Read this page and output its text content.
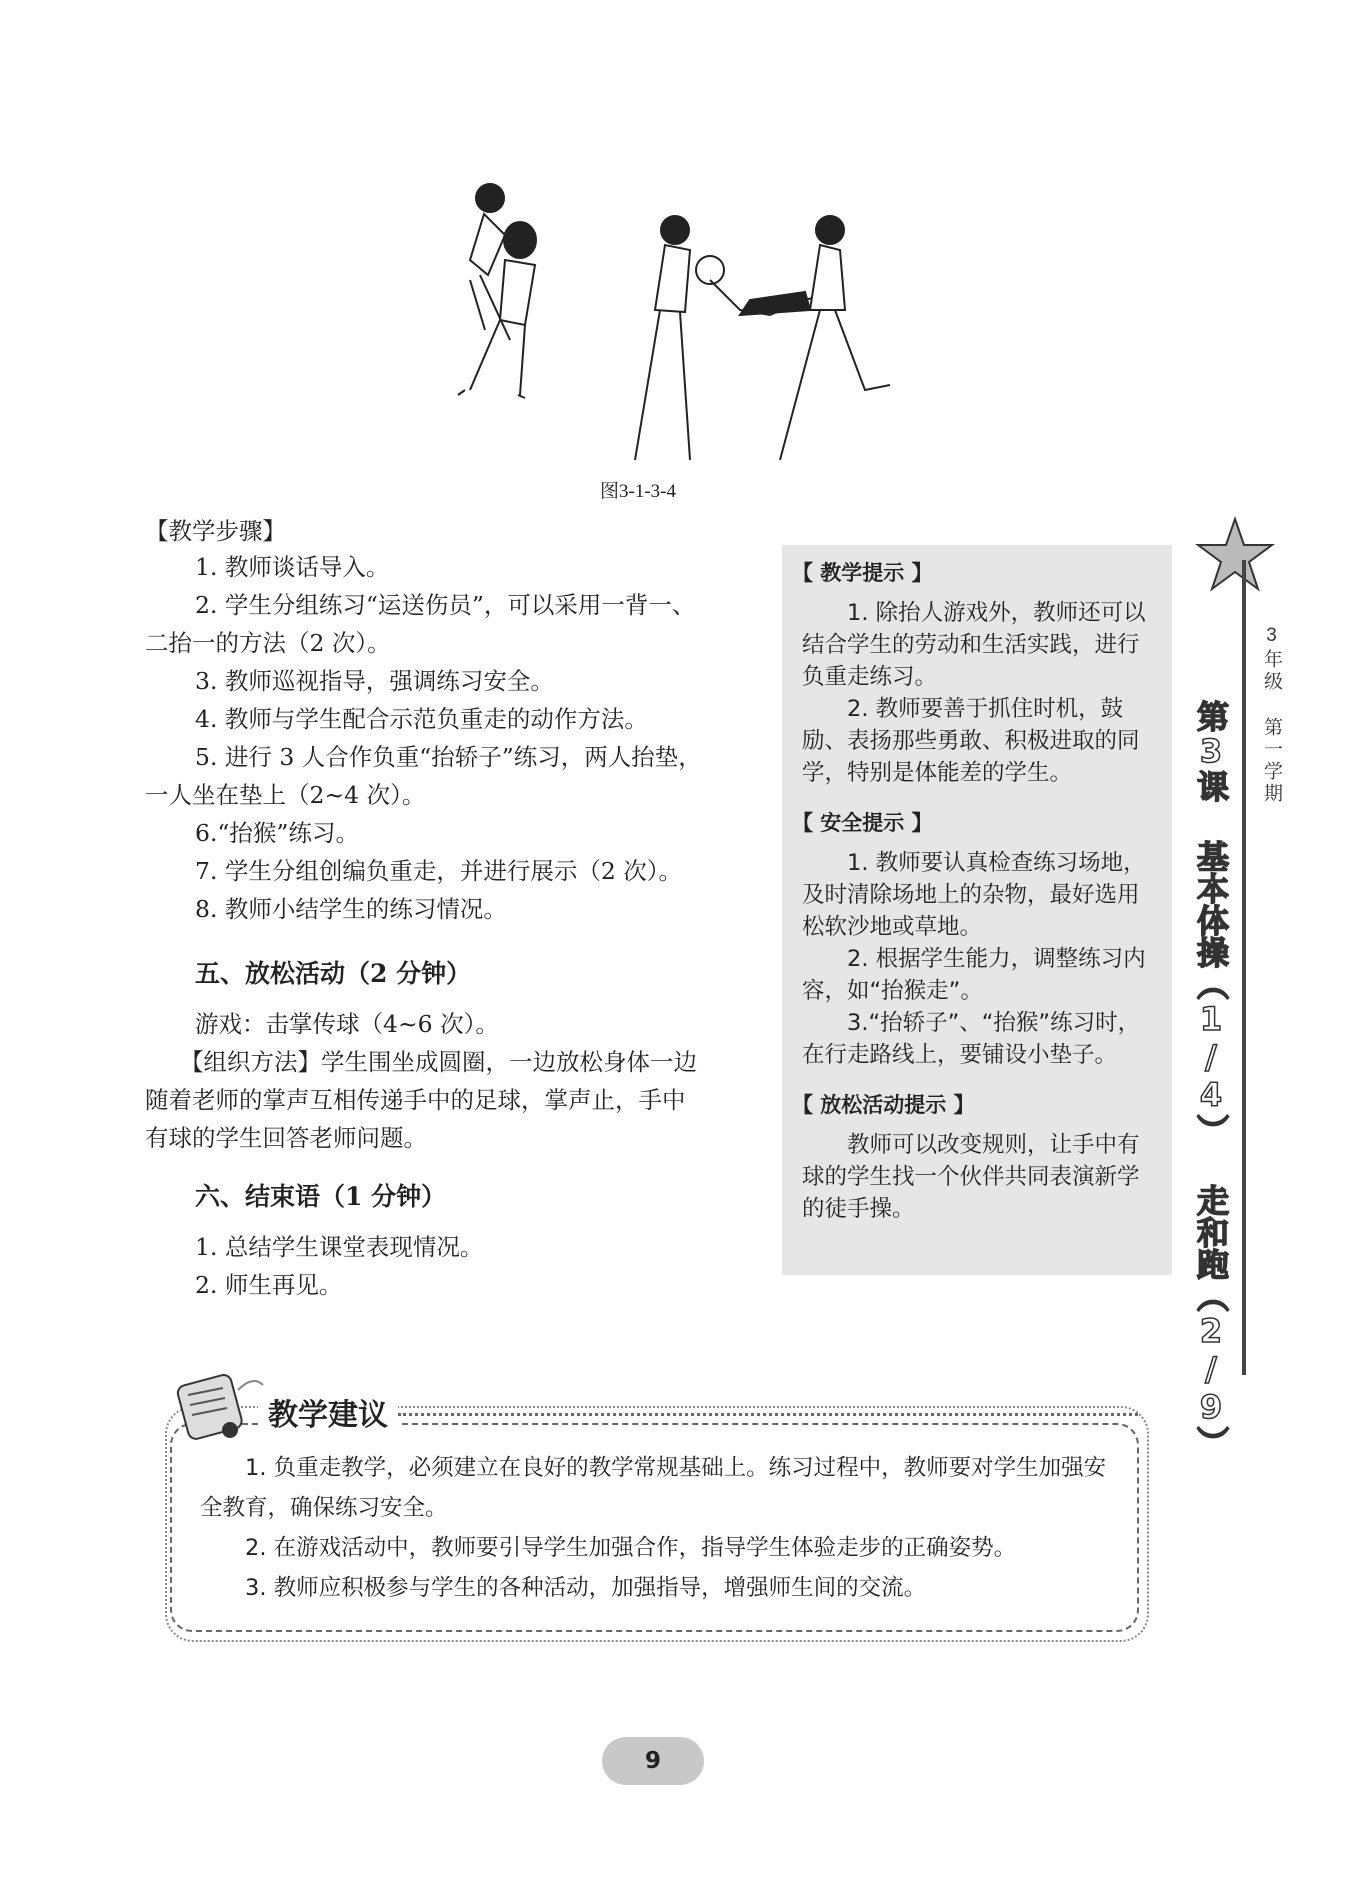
图3-1-3-4
【教学步骤】

1. 教师谈话导入。

2. 学生分组练习“运送伤员”，可以采用一背一、

二抬一的方法（2 次）。

3. 教师巡视指导，强调练习安全。

4. 教师与学生配合示范负重走的动作方法。

5. 进行 3 人合作负重“抬轿子”练习，两人抬垫，

一人坐在垫上（2~4 次）。

6.“抬猴”练习。

7. 学生分组创编负重走，并进行展示（2 次）。

8. 教师小结学生的练习情况。

五、放松活动（2 分钟）

游戏：击掌传球（4~6 次）。

【组织方法】学生围坐成圆圈，一边放松身体一边

随着老师的掌声互相传递手中的足球，掌声止，手中

有球的学生回答老师问题。

六、结束语（1 分钟）

1. 总结学生课堂表现情况。

2. 师生再见。

【 教学提示 】

1. 除抬人游戏外，教师还可以结合学生的劳动和生活实践，进行负重走练习。

2. 教师要善于抓住时机，鼓励、表扬那些勇敢、积极进取的同学，特别是体能差的学生。

【 安全提示 】

1. 教师要认真检查练习场地，及时清除场地上的杂物，最好选用松软沙地或草地。

2. 根据学生能力，调整练习内容，如“抬猴走”。

3.“抬轿子”、“抬猴”练习时，在行走路线上，要铺设小垫子。

【 放松活动提示 】

教师可以改变规则，让手中有球的学生找一个伙伴共同表演新学的徒手操。

3年级 第一学期
第3课 基本体操（1/4） 走和跑（2/9）
教学建议

1. 负重走教学，必须建立在良好的教学常规基础上。练习过程中，教师要对学生加强安全教育，确保练习安全。

2. 在游戏活动中，教师要引导学生加强合作，指导学生体验走步的正确姿势。

3. 教师应积极参与学生的各种活动，加强指导，增强师生间的交流。

9
